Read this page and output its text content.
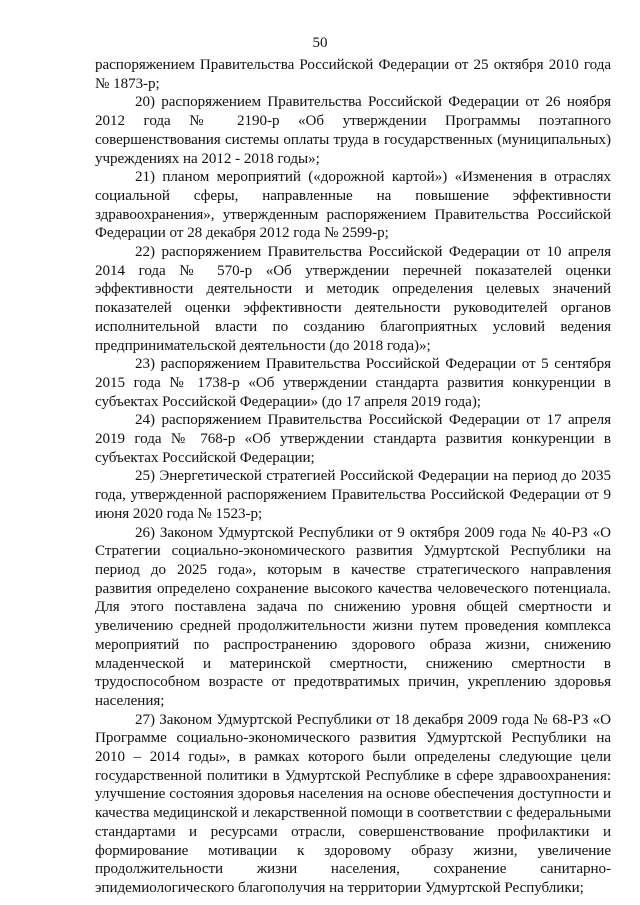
50

распоряжением Правительства Российской Федерации от 25 октября 2010 года № 1873-р;

20) распоряжением Правительства Российской Федерации от 26 ноября 2012 года № 2190-р «Об утверждении Программы поэтапного совершенствования системы оплаты труда в государственных (муниципальных) учреждениях на 2012 - 2018 годы»;

21) планом мероприятий («дорожной картой») «Изменения в отраслях социальной сферы, направленные на повышение эффективности здравоохранения», утвержденным распоряжением Правительства Российской Федерации от 28 декабря 2012 года № 2599-р;

22) распоряжением Правительства Российской Федерации от 10 апреля 2014 года № 570-р «Об утверждении перечней показателей оценки эффективности деятельности и методик определения целевых значений показателей оценки эффективности деятельности руководителей органов исполнительной власти по созданию благоприятных условий ведения предпринимательской деятельности (до 2018 года)»;

23) распоряжением Правительства Российской Федерации от 5 сентября 2015 года № 1738-р «Об утверждении стандарта развития конкуренции в субъектах Российской Федерации» (до 17 апреля 2019 года);

24) распоряжением Правительства Российской Федерации от 17 апреля 2019 года № 768-р «Об утверждении стандарта развития конкуренции в субъектах Российской Федерации;

25) Энергетической стратегией Российской Федерации на период до 2035 года, утвержденной распоряжением Правительства Российской Федерации от 9 июня 2020 года № 1523-р;

26) Законом Удмуртской Республики от 9 октября 2009 года № 40-РЗ «О Стратегии социально-экономического развития Удмуртской Республики на период до 2025 года», которым в качестве стратегического направления развития определено сохранение высокого качества человеческого потенциала. Для этого поставлена задача по снижению уровня общей смертности и увеличению средней продолжительности жизни путем проведения комплекса мероприятий по распространению здорового образа жизни, снижению младенческой и материнской смертности, снижению смертности в трудоспособном возрасте от предотвратимых причин, укреплению здоровья населения;

27) Законом Удмуртской Республики от 18 декабря 2009 года № 68-РЗ «О Программе социально-экономического развития Удмуртской Республики на 2010 – 2014 годы», в рамках которого были определены следующие цели государственной политики в Удмуртской Республике в сфере здравоохранения: улучшение состояния здоровья населения на основе обеспечения доступности и качества медицинской и лекарственной помощи в соответствии с федеральными стандартами и ресурсами отрасли, совершенствование профилактики и формирование мотивации к здоровому образу жизни, увеличение продолжительности жизни населения, сохранение санитарно-эпидемиологического благополучия на территории Удмуртской Республики;
